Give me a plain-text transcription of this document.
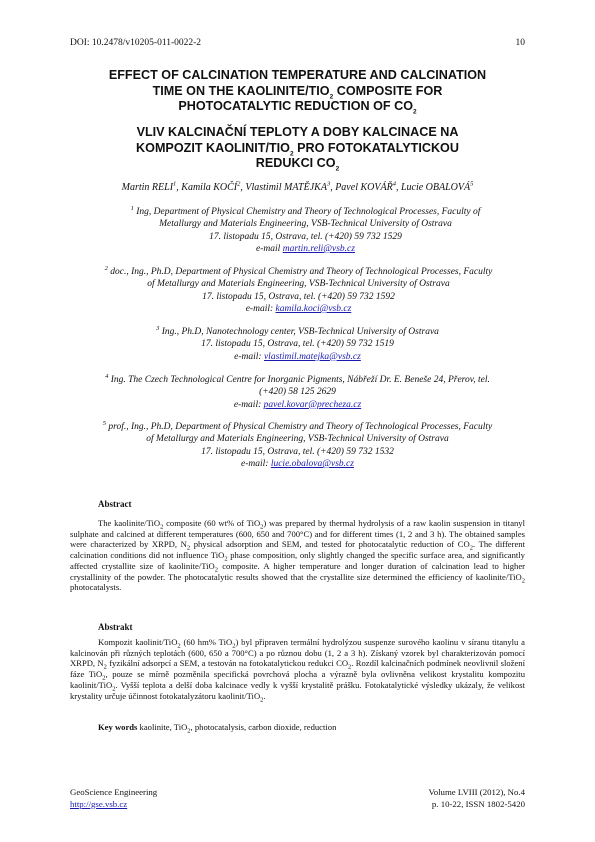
DOI: 10.2478/v10205-011-0022-2	10
EFFECT OF CALCINATION TEMPERATURE AND CALCINATION
TIME ON THE KAOLINITE/$TIO_2$ COMPOSITE FOR
PHOTOCATALYTIC REDUCTION OF $CO_2$
VLIV KALCINAČNÍ TEPLOTY A DOBY KALCINACE NA
KOMPOZIT KAOLINIT/$TIO_2$ PRO FOTOKATALYTICKOU
REDUKCI $CO_2$
Martin RELI$^1$, Kamila KOČÍ$^2$, Vlastimil MATĚJKA$^3$, Pavel KOVÁŘ$^4$, Lucie OBALOVÁ$^5$
$^1$ Ing, Department of Physical Chemistry and Theory of Technological Processes, Faculty of
Metallurgy and Materials Engineering, VSB-Technical University of Ostrava
17. listopadu 15, Ostrava, tel. (+420) 59 732 1529
e-mail martin.reli@vsb.cz
$^2$ doc., Ing., Ph.D, Department of Physical Chemistry and Theory of Technological Processes, Faculty
of Metallurgy and Materials Engineering, VSB-Technical University of Ostrava
17. listopadu 15, Ostrava, tel. (+420) 59 732 1592
e-mail: kamila.koci@vsb.cz
$^3$ Ing., Ph.D, Nanotechnology center, VSB-Technical University of Ostrava
17. listopadu 15, Ostrava, tel. (+420) 59 732 1519
e-mail: vlastimil.matejka@vsb.cz
$^4$ Ing. The Czech Technological Centre for Inorganic Pigments, Nábřeží Dr. E. Beneše 24, Přerov, tel.
(+420) 58 125 2629
e-mail: pavel.kovar@precheza.cz
$^5$ prof., Ing., Ph.D, Department of Physical Chemistry and Theory of Technological Processes, Faculty
of Metallurgy and Materials Engineering, VSB-Technical University of Ostrava
17. listopadu 15, Ostrava, tel. (+420) 59 732 1532
e-mail: lucie.obalova@vsb.cz
Abstract
The kaolinite/TiO$_2$ composite (60 wt% of TiO$_2$) was prepared by thermal hydrolysis of a raw kaolin suspension in titanyl sulphate and calcined at different temperatures (600, 650 and 700°C) and for different times (1, 2 and 3 h). The obtained samples were characterized by XRPD, $N_2$ physical adsorption and SEM, and tested for photocatalytic reduction of $CO_2$. The different calcination conditions did not influence TiO$_2$ phase composition, only slightly changed the specific surface area, and significantly affected crystallite size of kaolinite/TiO$_2$ composite. A higher temperature and longer duration of calcination lead to higher crystallinity of the powder. The photocatalytic results showed that the crystallite size determined the efficiency of kaolinite/TiO$_2$ photocatalysts.
Abstrakt
Kompozit kaolinit/TiO$_2$ (60 hm% TiO$_2$) byl připraven termální hydrolýzou suspenze surového kaolinu v síranu titanylu a kalcinován při různých teplotách (600, 650 a 700°C) a po různou dobu (1, 2 a 3 h). Získaný vzorek byl charakterizován pomocí XRPD, $N_2$ fyzikální adsorpcí a SEM, a testován na fotokatalytickou redukci $CO_2$. Rozdíl kalcinačních podmínek neovlivnil složení fáze TiO$_2$, pouze se mírně pozměnila specifická povrchová plocha a výrazně byla ovlivněna velikost krystalitu kompozitu kaolinit/TiO$_2$. Vyšší teplota a delší doba kalcinace vedly k vyšší krystalitě prášku. Fotokatalytické výsledky ukázaly, že velikost krystality určuje účinnost fotokatalyzátoru kaolinit/TiO$_2$.
Key words kaolinite, TiO$_2$, photocatalysis, carbon dioxide, reduction
GeoScience Engineering
http://gse.vsb.cz
Volume LVIII (2012), No.4
p. 10-22, ISSN 1802-5420
